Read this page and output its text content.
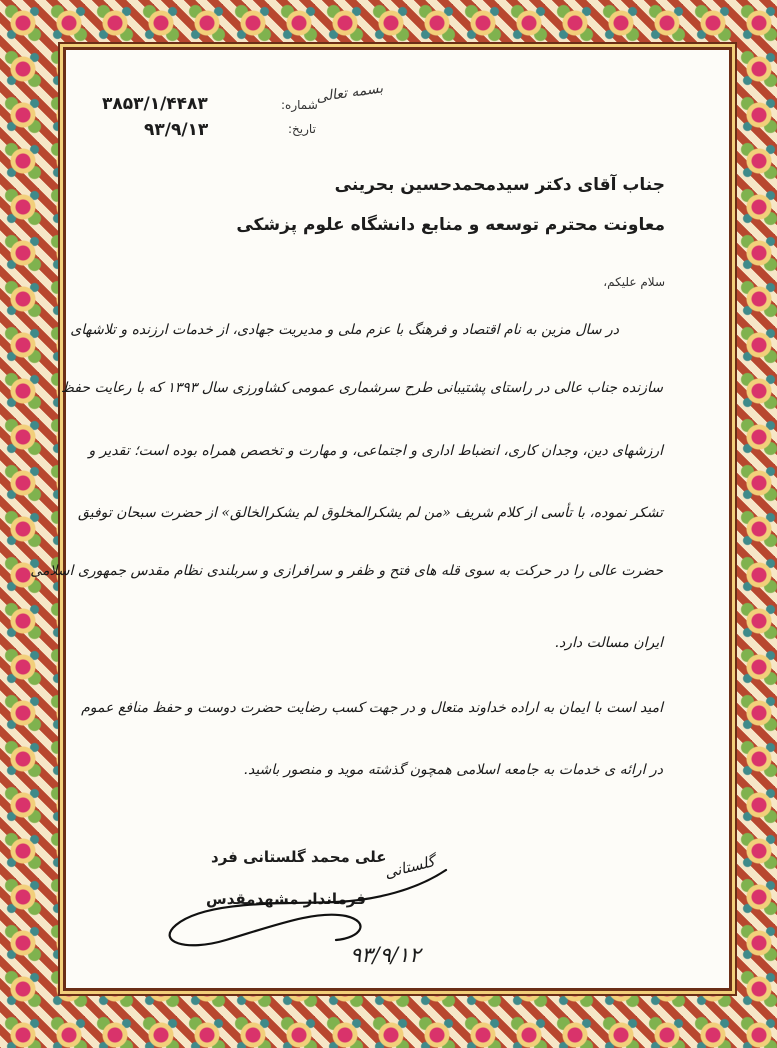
بسمه تعالی
شماره:
تاریخ:
۳۸۵۳/۱/۴۴۸۳
۹۳/۹/۱۳
جناب آقای دکتر سیدمحمدحسین بحرینی
معاونت محترم توسعه و منابع دانشگاه علوم پزشکی
سلام علیکم،
در سال مزین به نام اقتصاد و فرهنگ با عزم ملی و مدیریت جهادی، از خدمات ارزنده و تلاشهای
سازنده جناب عالی در راستای پشتیبانی طرح سرشماری عمومی کشاورزی سال ۱۳۹۳ که با رعایت حفظ
ارزشهای دین، وجدان کاری، انضباط اداری و اجتماعی، و مهارت و تخصص همراه بوده است؛ تقدیر و
تشکر نموده، با تأسی از کلام شریف «من لم یشکرالمخلوق لم یشکرالخالق» از حضرت سبحان توفیق
حضرت عالی را در حرکت به سوی قله های فتح و ظفر و سرافرازی و سربلندی نظام مقدس جمهوری اسلامی
ایران مسالت دارد.
امید است با ایمان به اراده خداوند متعال و در جهت کسب رضایت حضرت دوست و حفظ منافع عموم
در ارائه ی خدمات به جامعه اسلامی همچون گذشته موید و منصور باشید.
علی محمد گلستانی فرد
فرماندار مشهدمقدس
گلستانی
۹۳/۹/۱۲
